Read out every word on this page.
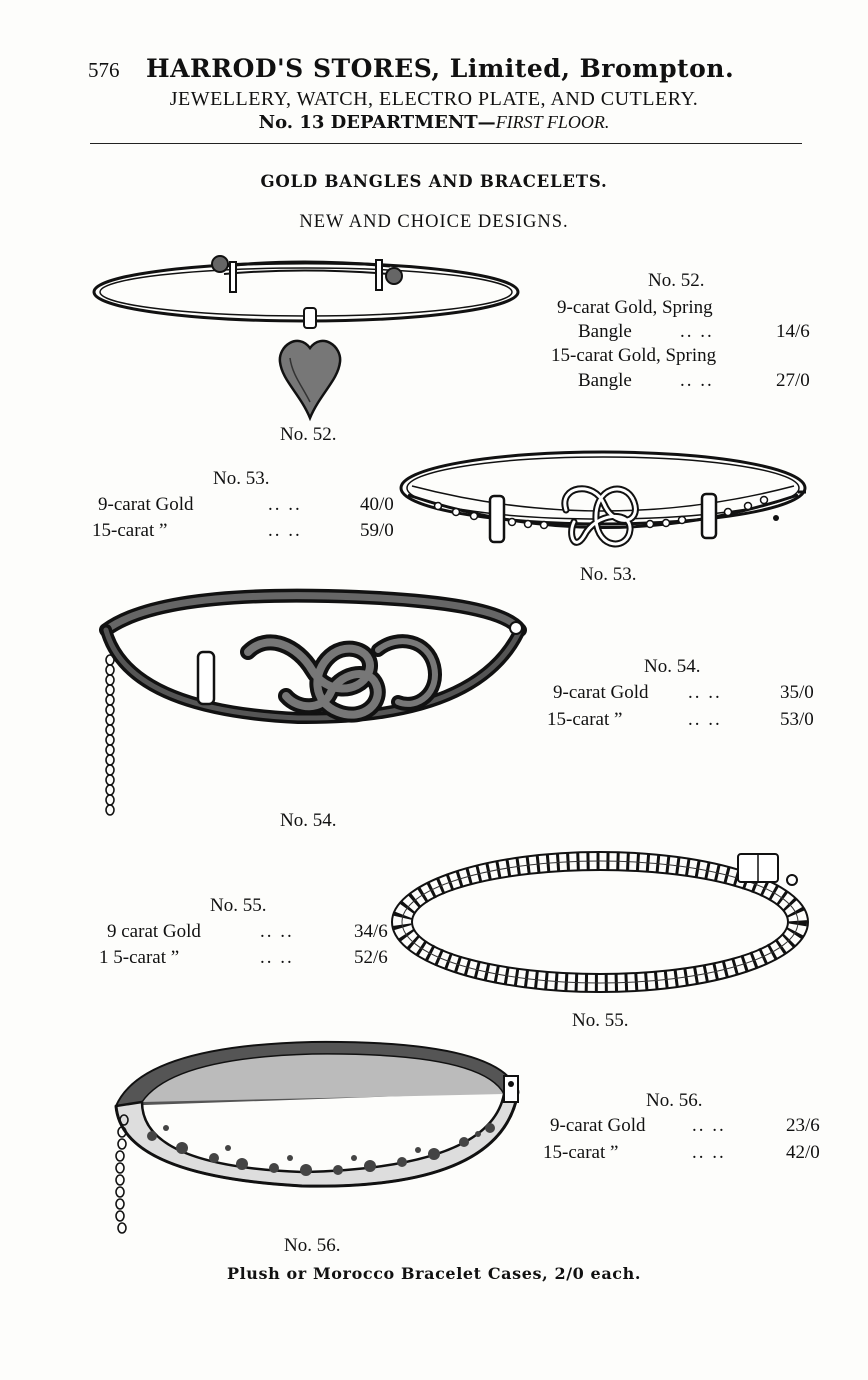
576 HARROD'S STORES, Limited, Brompton.
JEWELLERY, WATCH, ELECTRO PLATE, AND CUTLERY.
No. 13 DEPARTMENT—FIRST FLOOR.
GOLD BANGLES AND BRACELETS.
NEW AND CHOICE DESIGNS.
No. 52.
No. 52.
9-carat Gold, Spring
Bangle	.. ..	14/6
15-carat Gold, Spring
Bangle	.. ..	27/0
No. 53.
9-carat Gold	.. ..	40/0
15-carat ”	.. ..	59/0
No. 53.
No. 54.
No. 54.
9-carat Gold .. ..	35/0
15-carat ”	.. ..	53/0
No. 55.
9 carat Gold	.. ..	34/6
1 5-carat ”	.. ..	52/6
No. 55.
No. 56.
No. 56.
9-carat Gold .. ..	23/6
15-carat ”	.. ..	42/0
Plush or Morocco Bracelet Cases, 2/0 each.
